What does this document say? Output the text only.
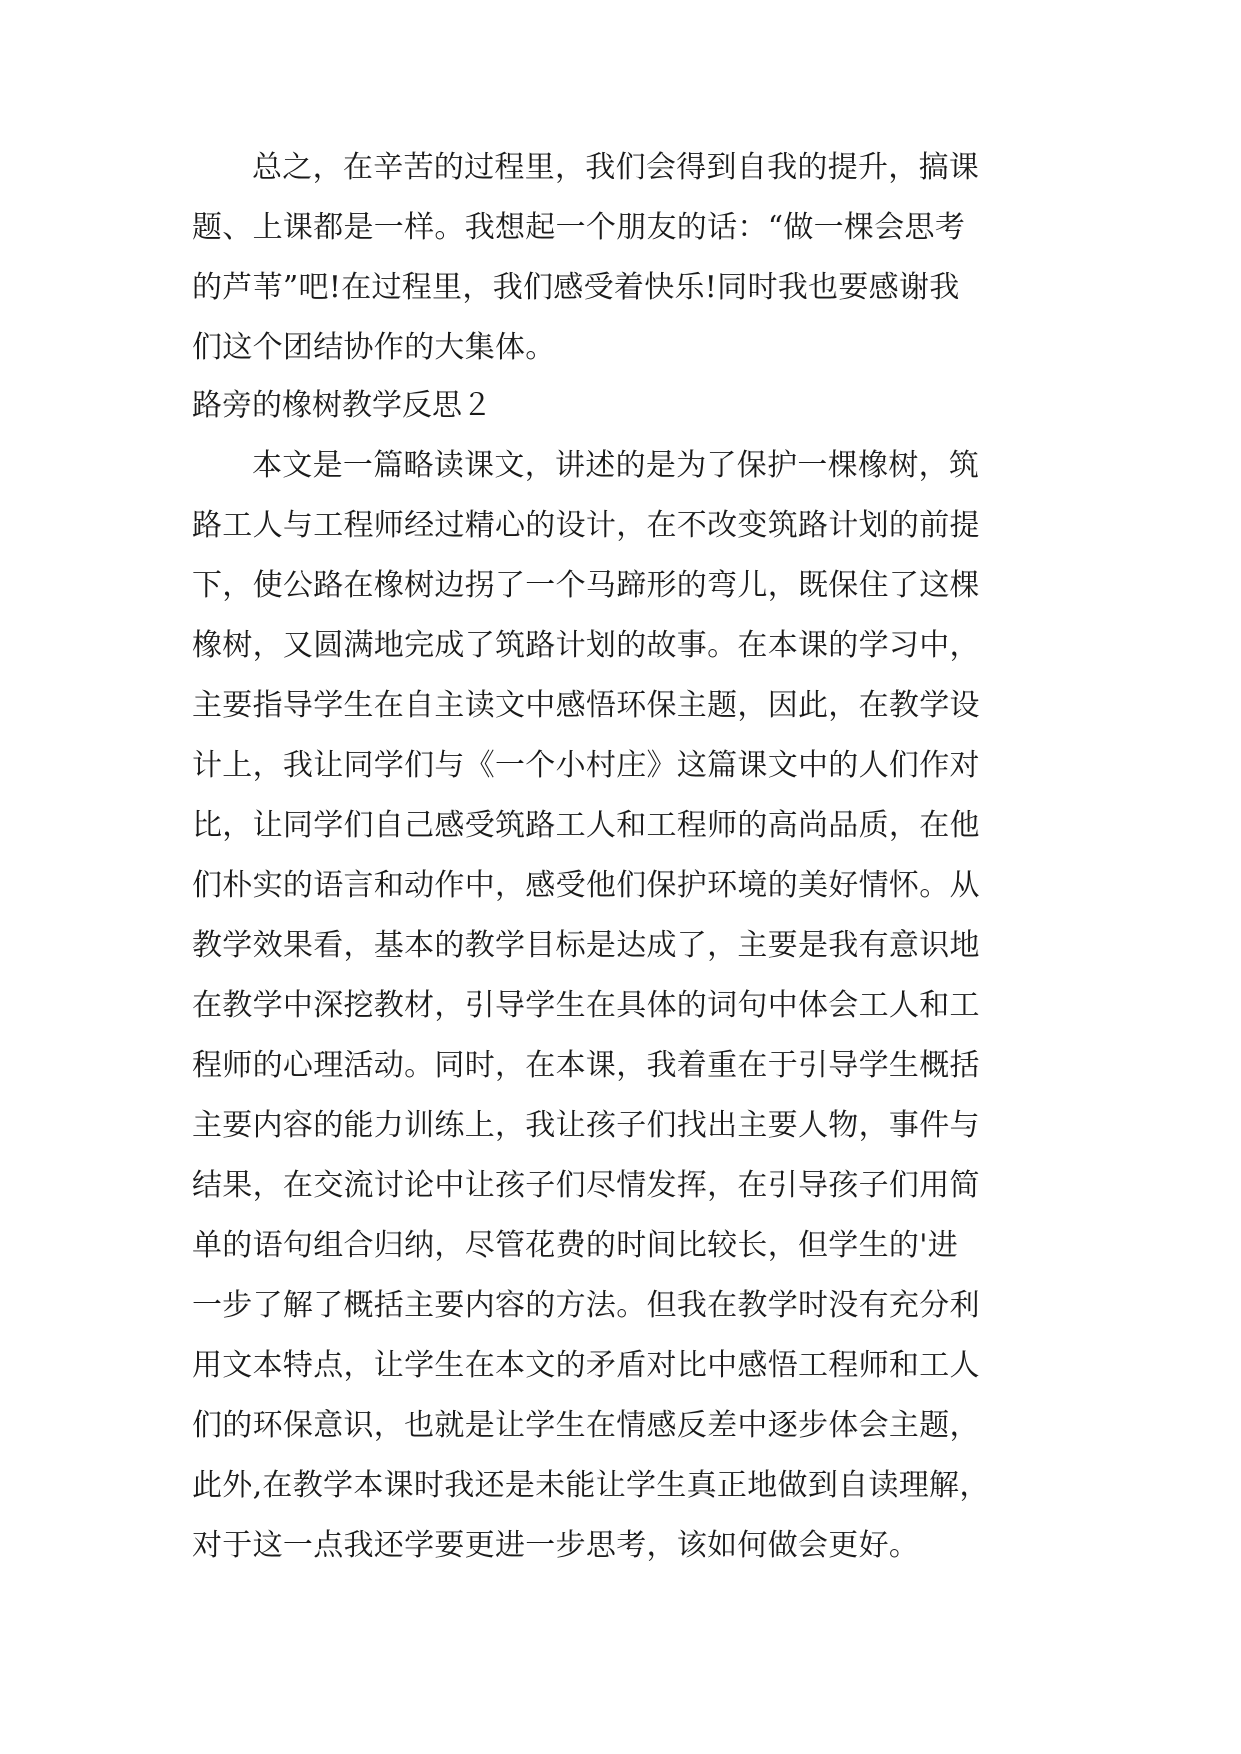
总之，在辛苦的过程里，我们会得到自我的提升，搞课
题、上课都是一样。我想起一个朋友的话：“做一棵会思考
的芦苇”吧!在过程里，我们感受着快乐!同时我也要感谢我
们这个团结协作的大集体。
路旁的橡树教学反思２
本文是一篇略读课文，讲述的是为了保护一棵橡树，筑
路工人与工程师经过精心的设计，在不改变筑路计划的前提
下，使公路在橡树边拐了一个马蹄形的弯儿，既保住了这棵
橡树，又圆满地完成了筑路计划的故事。在本课的学习中，
主要指导学生在自主读文中感悟环保主题，因此，在教学设
计上，我让同学们与《一个小村庄》这篇课文中的人们作对
比，让同学们自己感受筑路工人和工程师的高尚品质，在他
们朴实的语言和动作中，感受他们保护环境的美好情怀。从
教学效果看，基本的教学目标是达成了，主要是我有意识地
在教学中深挖教材，引导学生在具体的词句中体会工人和工
程师的心理活动。同时，在本课，我着重在于引导学生概括
主要内容的能力训练上，我让孩子们找出主要人物，事件与
结果，在交流讨论中让孩子们尽情发挥，在引导孩子们用简
单的语句组合归纳，尽管花费的时间比较长，但学生的'进
一步了解了概括主要内容的方法。但我在教学时没有充分利
用文本特点，让学生在本文的矛盾对比中感悟工程师和工人
们的环保意识，也就是让学生在情感反差中逐步体会主题，
此外,在教学本课时我还是未能让学生真正地做到自读理解，
对于这一点我还学要更进一步思考，该如何做会更好。
